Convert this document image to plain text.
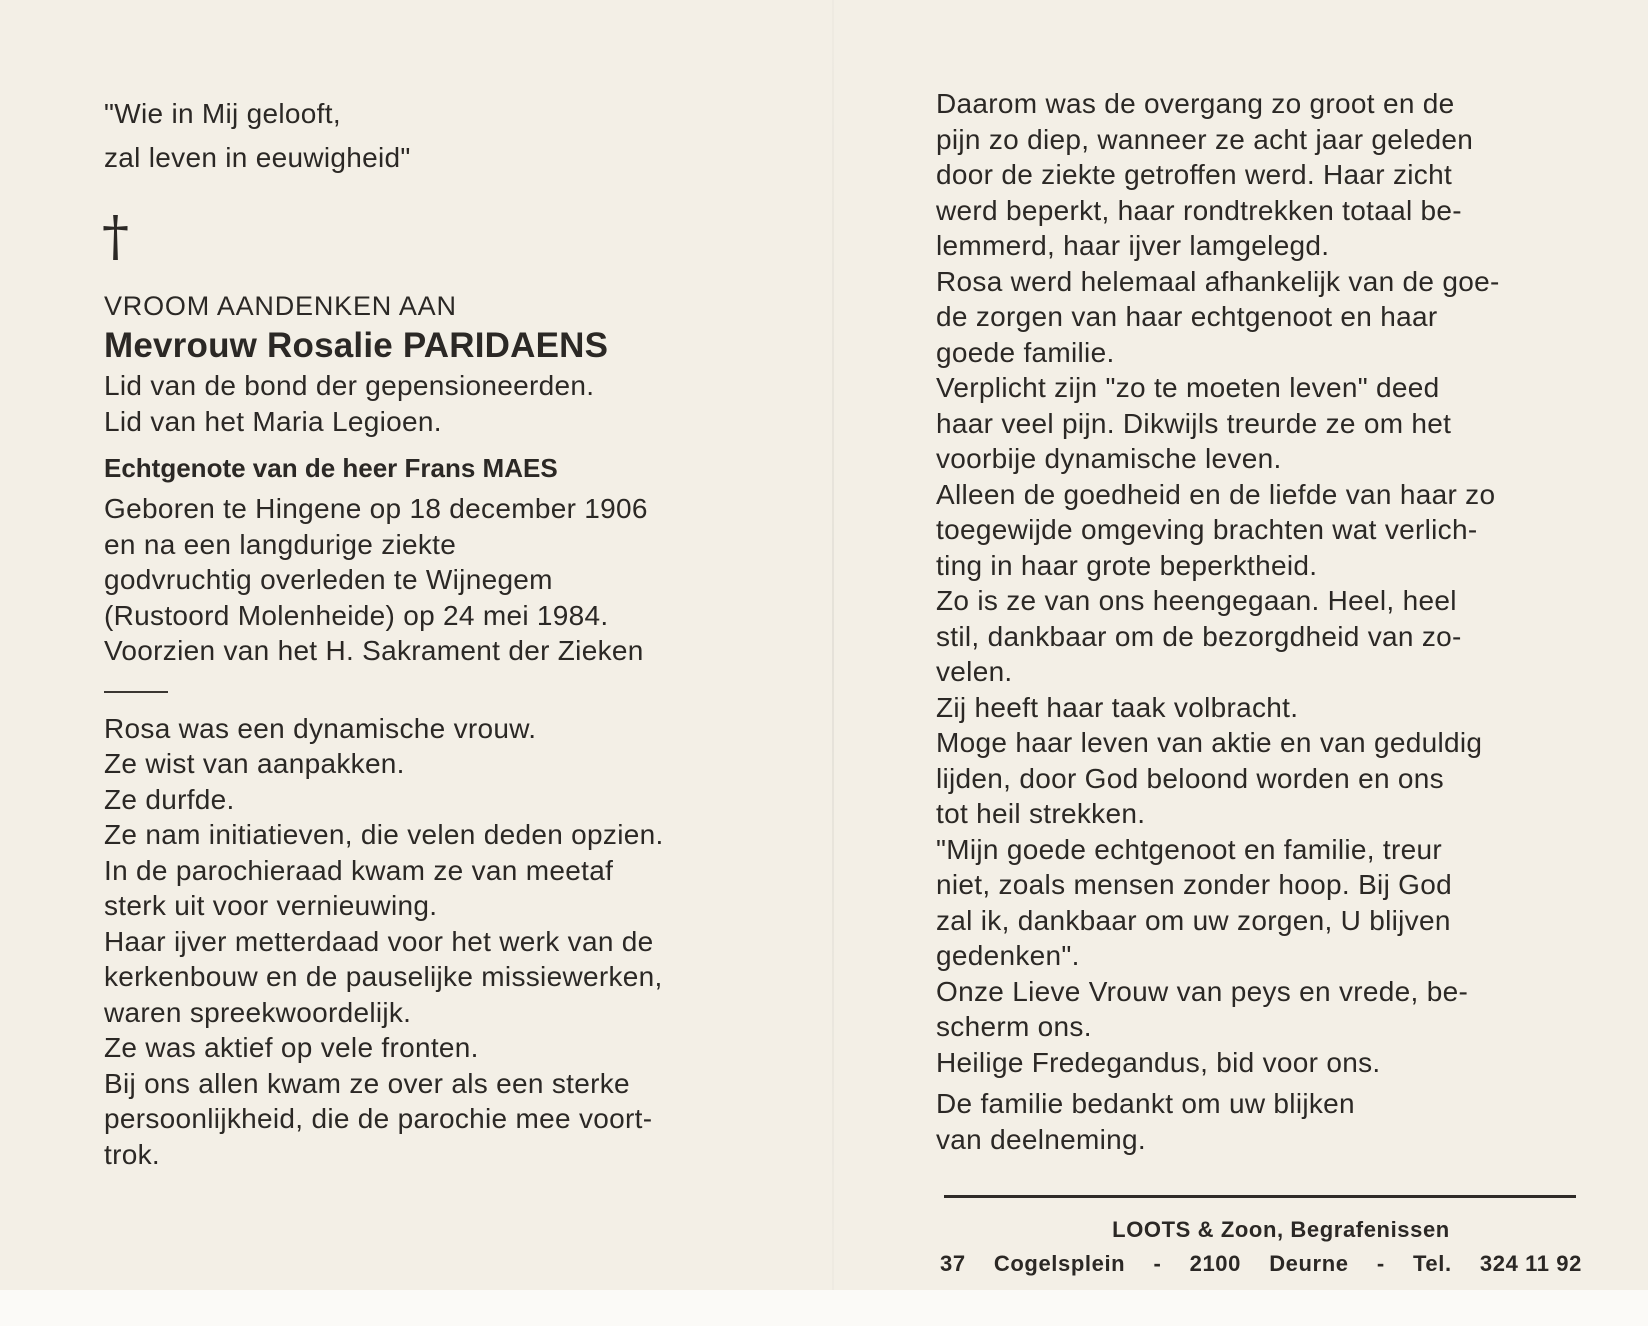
"Wie in Mij gelooft,
zal leven in eeuwigheid"
†
VROOM AANDENKEN AAN
Mevrouw Rosalie PARIDAENS
Lid van de bond der gepensioneerden.
Lid van het Maria Legioen.
Echtgenote van de heer Frans MAES
Geboren te Hingene op 18 december 1906
en na een langdurige ziekte
godvruchtig overleden te Wijnegem
(Rustoord Molenheide) op 24 mei 1984.
Voorzien van het H. Sakrament der Zieken
Rosa was een dynamische vrouw.
Ze wist van aanpakken.
Ze durfde.
Ze nam initiatieven, die velen deden opzien.
In de parochieraad kwam ze van meetaf
sterk uit voor vernieuwing.
Haar ijver metterdaad voor het werk van de
kerkenbouw en de pauselijke missiewerken,
waren spreekwoordelijk.
Ze was aktief op vele fronten.
Bij ons allen kwam ze over als een sterke
persoonlijkheid, die de parochie mee voort-
trok.
Daarom was de overgang zo groot en de
pijn zo diep, wanneer ze acht jaar geleden
door de ziekte getroffen werd. Haar zicht
werd beperkt, haar rondtrekken totaal be-
lemmerd, haar ijver lamgelegd.
Rosa werd helemaal afhankelijk van de goe-
de zorgen van haar echtgenoot en haar
goede familie.
Verplicht zijn "zo te moeten leven" deed
haar veel pijn. Dikwijls treurde ze om het
voorbije dynamische leven.
Alleen de goedheid en de liefde van haar zo
toegewijde omgeving brachten wat verlich-
ting in haar grote beperktheid.
Zo is ze van ons heengegaan. Heel, heel
stil, dankbaar om de bezorgdheid van zo-
velen.
Zij heeft haar taak volbracht.
Moge haar leven van aktie en van geduldig
lijden, door God beloond worden en ons
tot heil strekken.
"Mijn goede echtgenoot en familie, treur
niet, zoals mensen zonder hoop. Bij God
zal ik, dankbaar om uw zorgen, U blijven
gedenken".
Onze Lieve Vrouw van peys en vrede, be-
scherm ons.
Heilige Fredegandus, bid voor ons.
De familie bedankt om uw blijken
van deelneming.
LOOTS & Zoon, Begrafenissen
37 Cogelsplein - 2100 Deurne - Tel. 324 11 92
